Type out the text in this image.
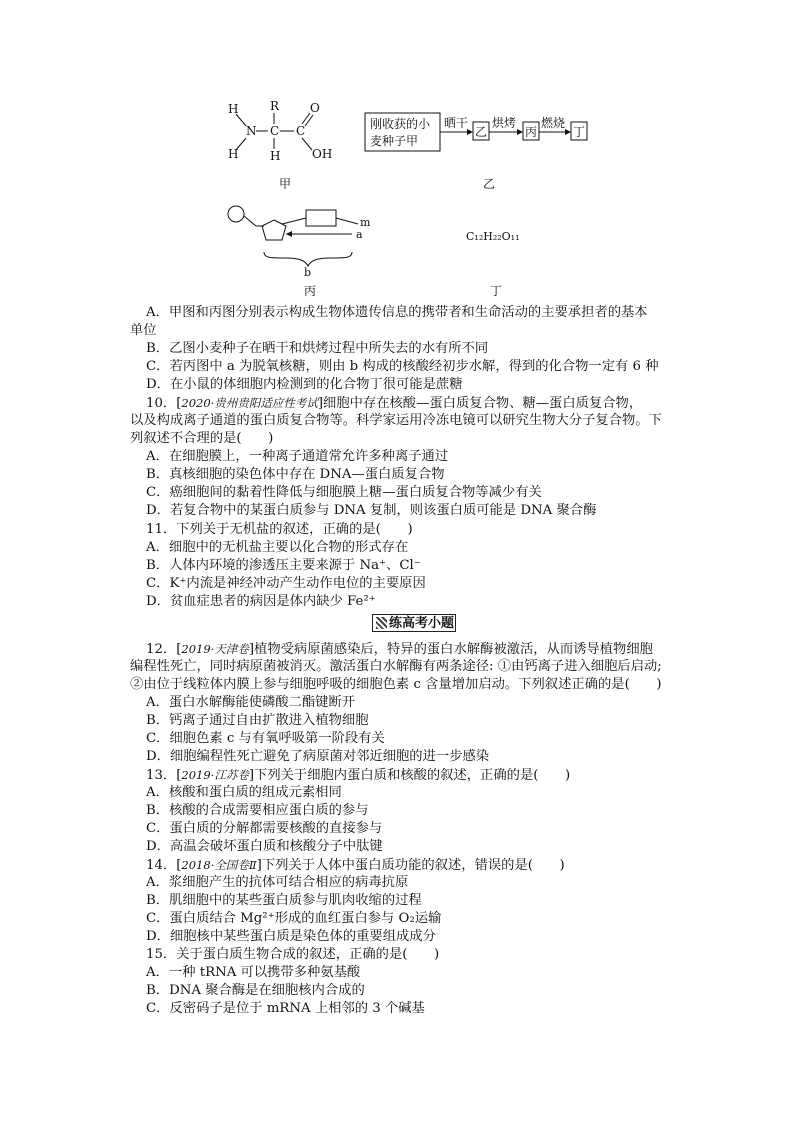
H
N
H
R
C
H
C
O
OH
甲
刚收获的小
麦种子甲
晒干
乙
烘烤
丙
燃烧
丁
乙
m
a
b
丙
C₁₂H₂₂O₁₁
丁
A．甲图和丙图分别表示构成生物体遗传信息的携带者和生命活动的主要承担者的基本
单位
B．乙图小麦种子在晒干和烘烤过程中所失去的水有所不同
C．若丙图中 a 为脱氧核糖，则由 b 构成的核酸经初步水解，得到的化合物一定有 6 种
D．在小鼠的体细胞内检测到的化合物丁很可能是蔗糖
10．[2020·贵州贵阳适应性考试]细胞中存在核酸—蛋白质复合物、糖—蛋白质复合物，
以及构成离子通道的蛋白质复合物等。科学家运用冷冻电镜可以研究生物大分子复合物。下
列叙述不合理的是(　　)
A．在细胞膜上，一种离子通道常允许多种离子通过
B．真核细胞的染色体中存在 DNA—蛋白质复合物
C．癌细胞间的黏着性降低与细胞膜上糖—蛋白质复合物等减少有关
D．若复合物中的某蛋白质参与 DNA 复制，则该蛋白质可能是 DNA 聚合酶
11．下列关于无机盐的叙述，正确的是(　　)
A．细胞中的无机盐主要以化合物的形式存在
B．人体内环境的渗透压主要来源于 Na⁺、Cl⁻
C．K⁺内流是神经冲动产生动作电位的主要原因
D．贫血症患者的病因是体内缺少 Fe²⁺
练高考小题
12．[2019·天津卷]植物受病原菌感染后，特异的蛋白水解酶被激活，从而诱导植物细胞
编程性死亡，同时病原菌被消灭。激活蛋白水解酶有两条途径: ①由钙离子进入细胞后启动;
②由位于线粒体内膜上参与细胞呼吸的细胞色素 c 含量增加启动。下列叙述正确的是(　　)
A．蛋白水解酶能使磷酸二酯键断开
B．钙离子通过自由扩散进入植物细胞
C．细胞色素 c 与有氧呼吸第一阶段有关
D．细胞编程性死亡避免了病原菌对邻近细胞的进一步感染
13．[2019·江苏卷]下列关于细胞内蛋白质和核酸的叙述，正确的是(　　)
A．核酸和蛋白质的组成元素相同
B．核酸的合成需要相应蛋白质的参与
C．蛋白质的分解都需要核酸的直接参与
D．高温会破坏蛋白质和核酸分子中肽键
14．[2018·全国卷Ⅱ]下列关于人体中蛋白质功能的叙述，错误的是(　　)
A．浆细胞产生的抗体可结合相应的病毒抗原
B．肌细胞中的某些蛋白质参与肌肉收缩的过程
C．蛋白质结合 Mg²⁺形成的血红蛋白参与 O₂运输
D．细胞核中某些蛋白质是染色体的重要组成成分
15．关于蛋白质生物合成的叙述，正确的是(　　)
A．一种 tRNA 可以携带多种氨基酸
B．DNA 聚合酶是在细胞核内合成的
C．反密码子是位于 mRNA 上相邻的 3 个碱基
